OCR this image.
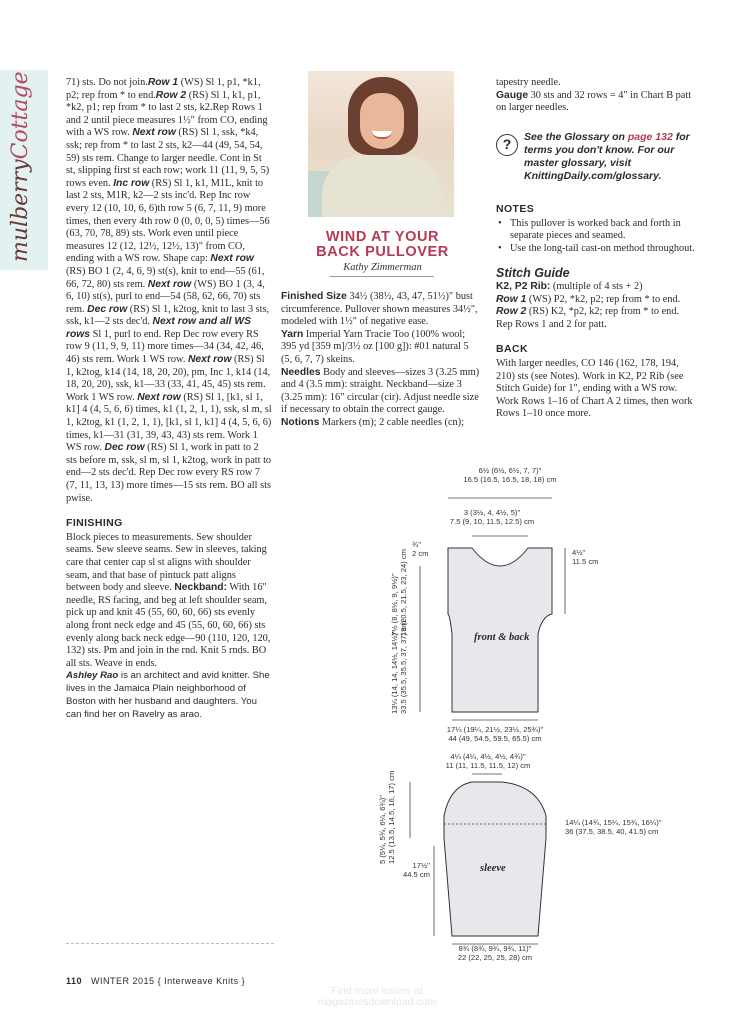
mulberryCottage	71) sts. Do not join.Row 1 (WS) Sl 1, p1, *k1, p2; rep from * to end.Row 2 (RS) Sl 1, k1, p1, *k2, p1; rep from * to last 2 sts, k2.Rep Rows 1 and 2 until piece measures 1½" from CO, ending with a WS row. Next row (RS) Sl 1, ssk, *k4, ssk; rep from * to last 2 sts, k2—44 (49, 54, 54, 59) sts rem. Change to larger needle. Cont in St st, slipping first st each row; work 11 (11, 9, 5, 5) rows even. Inc row (RS) Sl 1, k1, M1L, knit to last 2 sts, M1R, k2—2 sts inc'd. Rep Inc row every 12 (10, 10, 6, 6)th row 5 (6, 7, 11, 9) more times, then every 4th row 0 (0, 0, 0, 5) times—56 (63, 70, 78, 89) sts. Work even until piece measures 12 (12, 12½, 12½, 13)" from CO, ending with a WS row. Shape cap: Next row (RS) BO 1 (2, 4, 6, 9) st(s), knit to end—55 (61, 66, 72, 80) sts rem. Next row (WS) BO 1 (3, 4, 6, 10) st(s), purl to end—54 (58, 62, 66, 70) sts rem. Dec row (RS) Sl 1, k2tog, knit to last 3 sts, ssk, k1—2 sts dec'd. Next row and all WS rows Sl 1, purl to end. Rep Dec row every RS row 9 (11, 9, 9, 11) more times—34 (34, 42, 46, 46) sts rem. Work 1 WS row. Next row (RS) Sl 1, k2tog, k14 (14, 18, 20, 20), pm, Inc 1, k14 (14, 18, 20, 20), ssk, k1—33 (33, 41, 45, 45) sts rem. Work 1 WS row. Next row (RS) Sl 1, [k1, sl 1, k1] 4 (4, 5, 6, 6) times, k1 (1, 2, 1, 1), ssk, sl m, sl 1, k2tog, k1 (1, 2, 1, 1), [k1, sl 1, k1] 4 (4, 5, 6, 6) times, k1—31 (31, 39, 43, 43) sts rem. Work 1 WS row. Dec row (RS) Sl 1, work in patt to 2 sts before m, ssk, sl m, sl 1, k2tog, work in patt to end—2 sts dec'd. Rep Dec row every RS row 7 (7, 11, 13, 13) more times—15 sts rem. BO all sts pwise.

FINISHING

Block pieces to measurements. Sew shoulder seams. Sew sleeve seams. Sew in sleeves, taking care that center cap sl st aligns with shoulder seam, and that base of pintuck patt aligns between body and sleeve. Neckband: With 16" needle, RS facing, and beg at left shoulder seam, pick up and knit 45 (55, 60, 60, 66) sts evenly along front neck edge and 45 (55, 60, 60, 66) sts evenly along back neck edge—90 (110, 120, 120, 132) sts. Pm and join in the rnd. Knit 5 rnds. BO all sts. Weave in ends.

Ashley Rao is an architect and avid knitter. She lives in the Jamaica Plain neighborhood of Boston with her husband and daughters. You can find her on Ravelry as arao.

WIND AT YOUR
BACK PULLOVER
Kathy Zimmerman

Finished Size 34½ (38½, 43, 47, 51½)" bust circumference. Pullover shown measures 34½", modeled with 1½" of negative ease.
Yarn Imperial Yarn Tracie Too (100% wool; 395 yd [359 m]/3½ oz [100 g]): #01 natural 5 (5, 6, 7, 7) skeins.
Needles Body and sleeves—sizes 3 (3.25 mm) and 4 (3.5 mm): straight. Neckband—size 3 (3.25 mm): 16" circular (cir). Adjust needle size if necessary to obtain the correct gauge.
Notions Markers (m); 2 cable needles (cn);

tapestry needle.

Gauge 30 sts and 32 rows = 4" in Chart B patt on larger needles.

?	See the Glossary on page 132 for terms you don't know. For our master glossary, visit KnittingDaily.com/glossary.
NOTES
• This pullover is worked back and forth in separate pieces and seamed.
• Use the long-tail cast-on method throughout.
Stitch Guide

K2, P2 Rib: (multiple of 4 sts + 2)

Row 1 (WS) P2, *k2, p2; rep from * to end.

Row 2 (RS) K2, *p2, k2; rep from * to end.

Rep Rows 1 and 2 for patt.

BACK

With larger needles, CO 146 (162, 178, 194, 210) sts (see Notes). Work in K2, P2 Rib (see Stitch Guide) for 1", ending with a WS row. Work Rows 1–16 of Chart A 2 times, then work Rows 1–10 once more.

6½ (6½, 6½, 7, 7)"
16.5 (16.5, 16.5, 18, 18) cm
3 (3½, 4, 4½, 5)"
7.5 (9, 10, 11.5, 12.5) cm
¾"
2 cm	4½"
11.5 cm
7½ (8, 8½, 9, 9½)" 19 (20.5, 21.5, 23, 24) cm
13¼ (14, 14, 14½, 14½)" 33.5 (35.5, 35.5, 37, 37) cm	front & back
17¼ (19¼, 21½, 23½, 25¾)"
44 (49, 54.5, 59.5, 65.5) cm
4¼ (4¼, 4½, 4½, 4¾)"
11 (11, 11.5, 11.5, 12) cm
5 (5¼, 5¾, 6¼, 6¾)" 12.5 (13.5, 14.5, 16, 17) cm	14¼ (14¾, 15¼, 15¾, 16¼)"
36 (37.5, 38.5, 40, 41.5) cm
17½"
44.5 cm
sleeve
8¾ (8¾, 9¾, 9¾, 11)"
22 (22, 25, 25, 28) cm
110 WINTER 2015 { Interweave Knits }
Find more issues at
magazinesdownload.com
